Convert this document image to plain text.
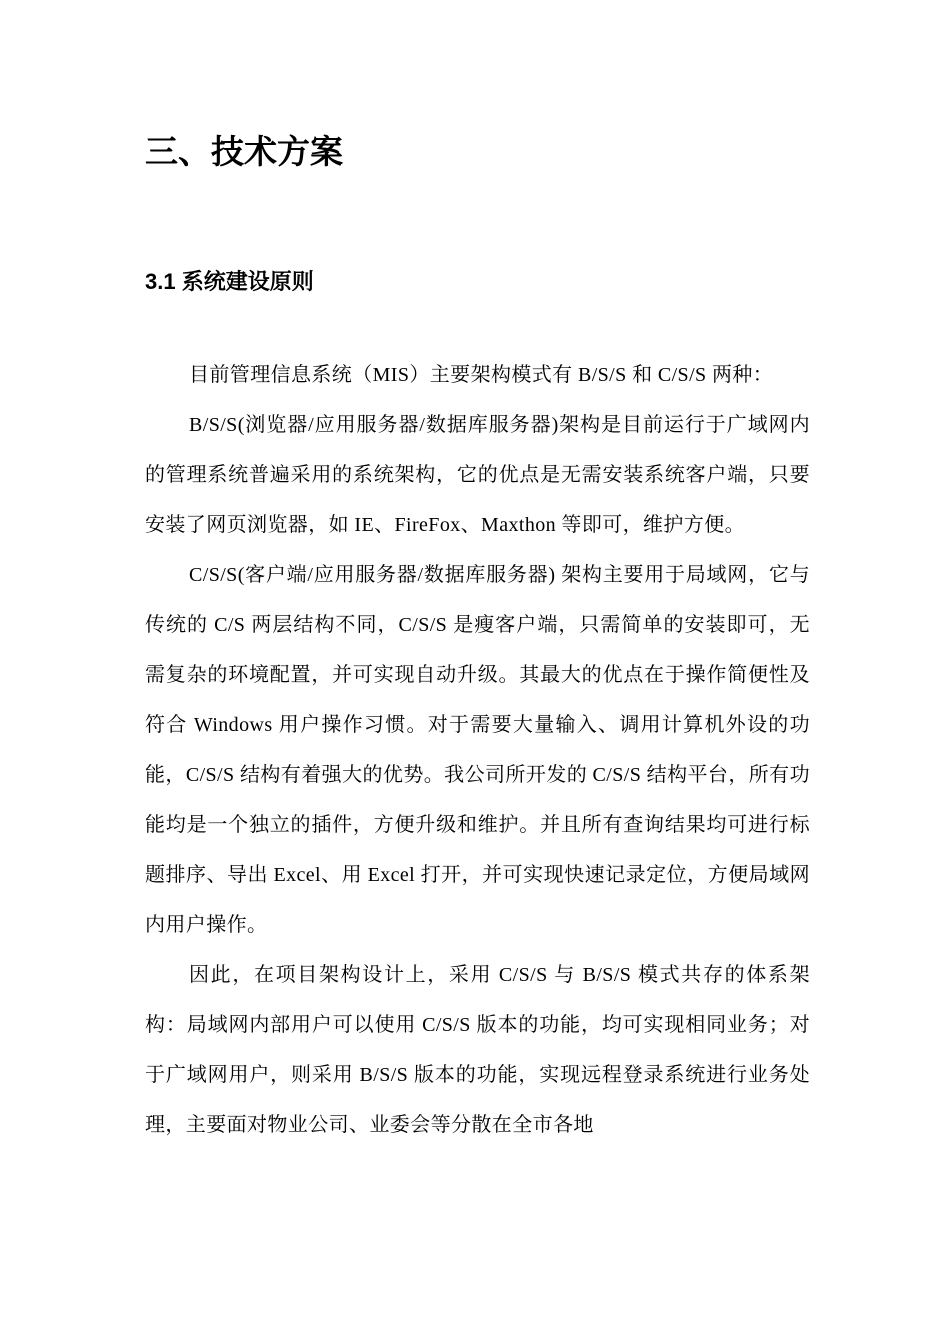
三、技术方案
3.1 系统建设原则

目前管理信息系统（MIS）主要架构模式有 B/S/S 和 C/S/S 两种：

B/S/S(浏览器/应用服务器/数据库服务器)架构是目前运行于广域网内的管理系统普遍采用的系统架构，它的优点是无需安装系统客户端，只要安装了网页浏览器，如 IE、FireFox、Maxthon 等即可，维护方便。

C/S/S(客户端/应用服务器/数据库服务器) 架构主要用于局域网，它与传统的 C/S 两层结构不同，C/S/S 是瘦客户端，只需简单的安装即可，无需复杂的环境配置，并可实现自动升级。其最大的优点在于操作简便性及符合 Windows 用户操作习惯。对于需要大量输入、调用计算机外设的功能，C/S/S 结构有着强大的优势。我公司所开发的 C/S/S 结构平台，所有功能均是一个独立的插件，方便升级和维护。并且所有查询结果均可进行标题排序、导出 Excel、用 Excel 打开，并可实现快速记录定位，方便局域网内用户操作。

因此，在项目架构设计上，采用 C/S/S 与 B/S/S 模式共存的体系架构：局域网内部用户可以使用 C/S/S 版本的功能，均可实现相同业务；对于广域网用户，则采用 B/S/S 版本的功能，实现远程登录系统进行业务处理，主要面对物业公司、业委会等分散在全市各地
